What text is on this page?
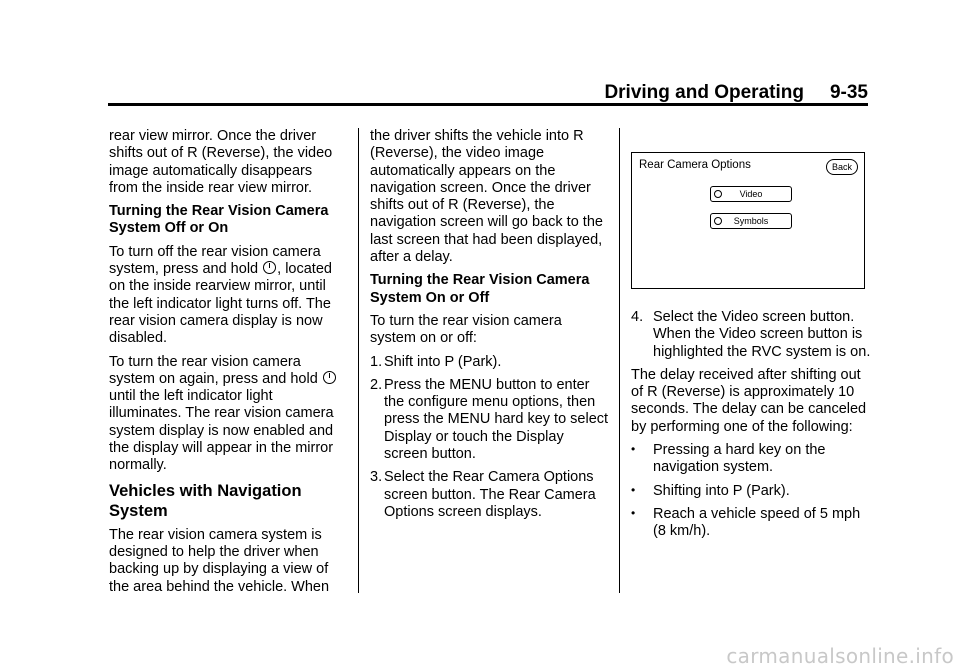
Driving and Operating 9-35

rear view mirror. Once the driver shifts out of R (Reverse), the video image automatically disappears from the inside rear view mirror.

Turning the Rear Vision Camera System Off or On

To turn off the rear vision camera system, press and hold , located on the inside rearview mirror, until the left indicator light turns off. The rear vision camera display is now disabled.

To turn the rear vision camera system on again, press and hold  until the left indicator light illuminates. The rear vision camera system display is now enabled and the display will appear in the mirror normally.

Vehicles with Navigation System

The rear vision camera system is designed to help the driver when backing up by displaying a view of the area behind the vehicle. When

the driver shifts the vehicle into R (Reverse), the video image automatically appears on the navigation screen. Once the driver shifts out of R (Reverse), the navigation screen will go back to the last screen that had been displayed, after a delay.

Turning the Rear Vision Camera System On or Off

To turn the rear vision camera system on or off:

1. Shift into P (Park).
2. Press the MENU button to enter the configure menu options, then press the MENU hard key to select Display or touch the Display screen button.
3. Select the Rear Camera Options screen button. The Rear Camera Options screen displays.
Rear Camera Options	Back
Video
Symbols
4. Select the Video screen button. When the Video screen button is highlighted the RVC system is on.

The delay received after shifting out of R (Reverse) is approximately 10 seconds. The delay can be canceled by performing one of the following:

• Pressing a hard key on the navigation system.
• Shifting into P (Park).
• Reach a vehicle speed of 5 mph (8 km/h).
carmanualsonline.info
